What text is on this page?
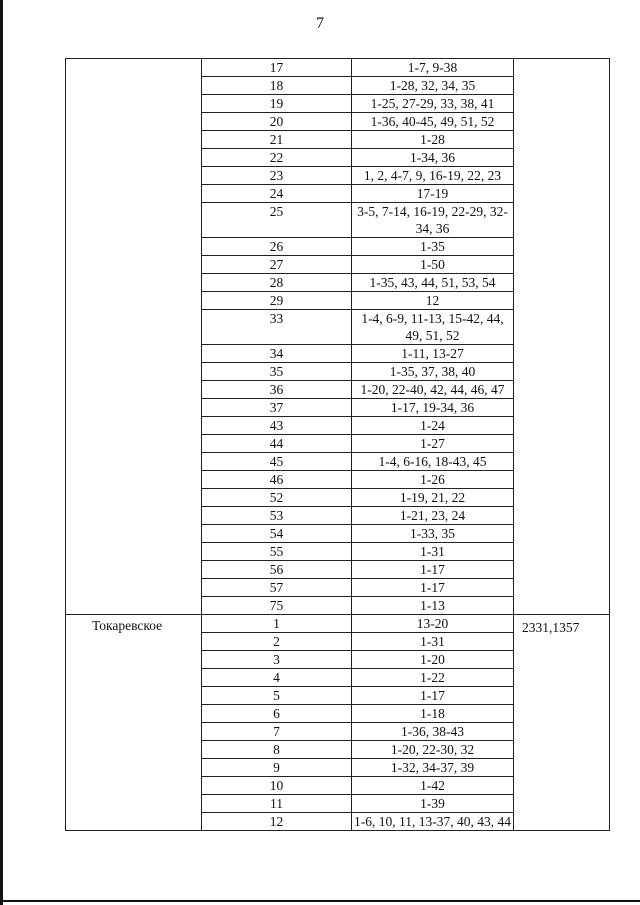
7
	17	1-7, 9-38	
	18	1-28, 32, 34, 35	
	19	1-25, 27-29, 33, 38, 41	
	20	1-36, 40-45, 49, 51, 52	
	21	1-28	
	22	1-34, 36	
	23	1, 2, 4-7, 9, 16-19, 22, 23	
	24	17-19	
	25	3-5, 7-14, 16-19, 22-29, 32-34, 36	
	26	1-35	
	27	1-50	
	28	1-35, 43, 44, 51, 53, 54	
	29	12	
	33	1-4, 6-9, 11-13, 15-42, 44, 49, 51, 52	
	34	1-11, 13-27	
	35	1-35, 37, 38, 40	
	36	1-20, 22-40, 42, 44, 46, 47	
	37	1-17, 19-34, 36	
	43	1-24	
	44	1-27	
	45	1-4, 6-16, 18-43, 45	
	46	1-26	
	52	1-19, 21, 22	
	53	1-21, 23, 24	
	54	1-33, 35	
	55	1-31	
	56	1-17	
	57	1-17	
	75	1-13	
Токаревское	1	13-20	2331,1357
	2	1-31	
	3	1-20	
	4	1-22	
	5	1-17	
	6	1-18	
	7	1-36, 38-43	
	8	1-20, 22-30, 32	
	9	1-32, 34-37, 39	
	10	1-42	
	11	1-39	
	12	1-6, 10, 11, 13-37, 40, 43, 44	
